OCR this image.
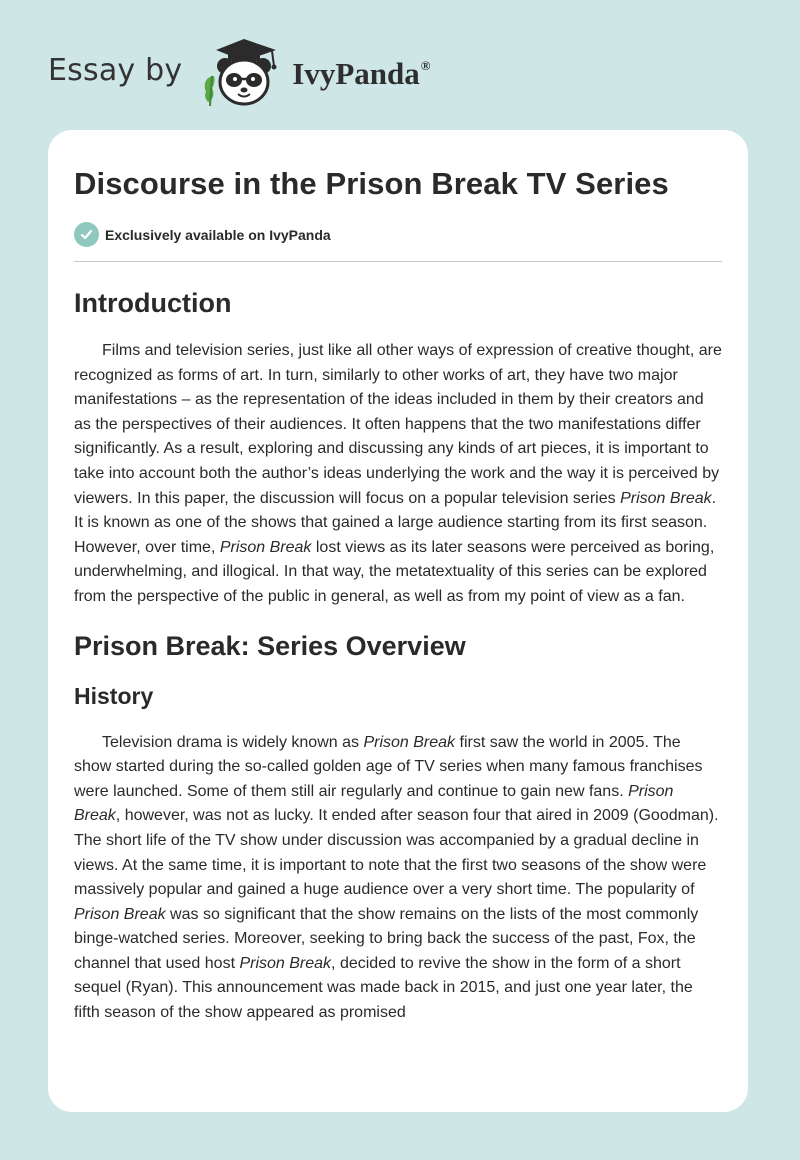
Essay by	IvyPanda®
Discourse in the Prison Break TV Series
Exclusively available on IvyPanda
Introduction

Films and television series, just like all other ways of expression of creative thought, are recognized as forms of art. In turn, similarly to other works of art, they have two major manifestations – as the representation of the ideas included in them by their creators and as the perspectives of their audiences. It often happens that the two manifestations differ significantly. As a result, exploring and discussing any kinds of art pieces, it is important to take into account both the author’s ideas underlying the work and the way it is perceived by viewers. In this paper, the discussion will focus on a popular television series Prison Break. It is known as one of the shows that gained a large audience starting from its first season. However, over time, Prison Break lost views as its later seasons were perceived as boring, underwhelming, and illogical. In that way, the metatextuality of this series can be explored from the perspective of the public in general, as well as from my point of view as a fan.

Prison Break: Series Overview
History

Television drama is widely known as Prison Break first saw the world in 2005. The show started during the so-called golden age of TV series when many famous franchises were launched. Some of them still air regularly and continue to gain new fans. Prison Break, however, was not as lucky. It ended after season four that aired in 2009 (Goodman). The short life of the TV show under discussion was accompanied by a gradual decline in views. At the same time, it is important to note that the first two seasons of the show were massively popular and gained a huge audience over a very short time. The popularity of Prison Break was so significant that the show remains on the lists of the most commonly binge-watched series. Moreover, seeking to bring back the success of the past, Fox, the channel that used host Prison Break, decided to revive the show in the form of a short sequel (Ryan). This announcement was made back in 2015, and just one year later, the fifth season of the show appeared as promised
